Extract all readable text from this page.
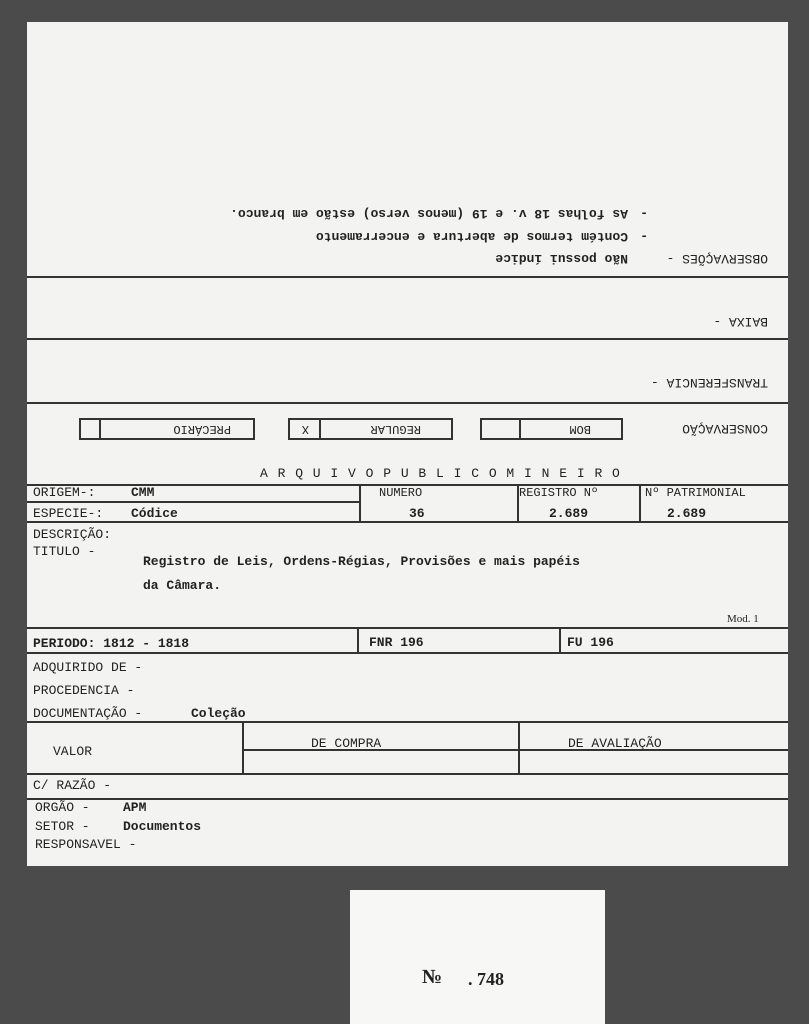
BOM
REGULAR
X
PRECÁRIO	CONSERVAÇÃO
TRANSFERENCIA -
BAIXA -
OBSERVAÇÕES -
Não possui índice
-
Contém termos de abertura e encerramento
-
As folhas 18 v. e 19 (menos verso) estão em branco.
A R Q U I V O P U B L I C O M I N E I R O
ORIGEM-:	CMM
ESPECIE-: Códice
NUMERO
36
REGISTRO Nº
2.689
Nº PATRIMONIAL
2.689
DESCRIÇÃO:
TITULO -
Registro de Leis, Ordens-Régias, Provisões e mais papéis
da Câmara.
Mod. 1
PERIODO: 1812 - 1818	FNR 196	FU 196
ADQUIRIDO DE -
PROCEDENCIA -
DOCUMENTAÇÃO -	Coleção
VALOR
DE COMPRA	DE AVALIAÇÃO
C/ RAZÃO -
ORGÃO -	APM
SETOR -	Documentos
RESPONSAVEL -
№ . 748
